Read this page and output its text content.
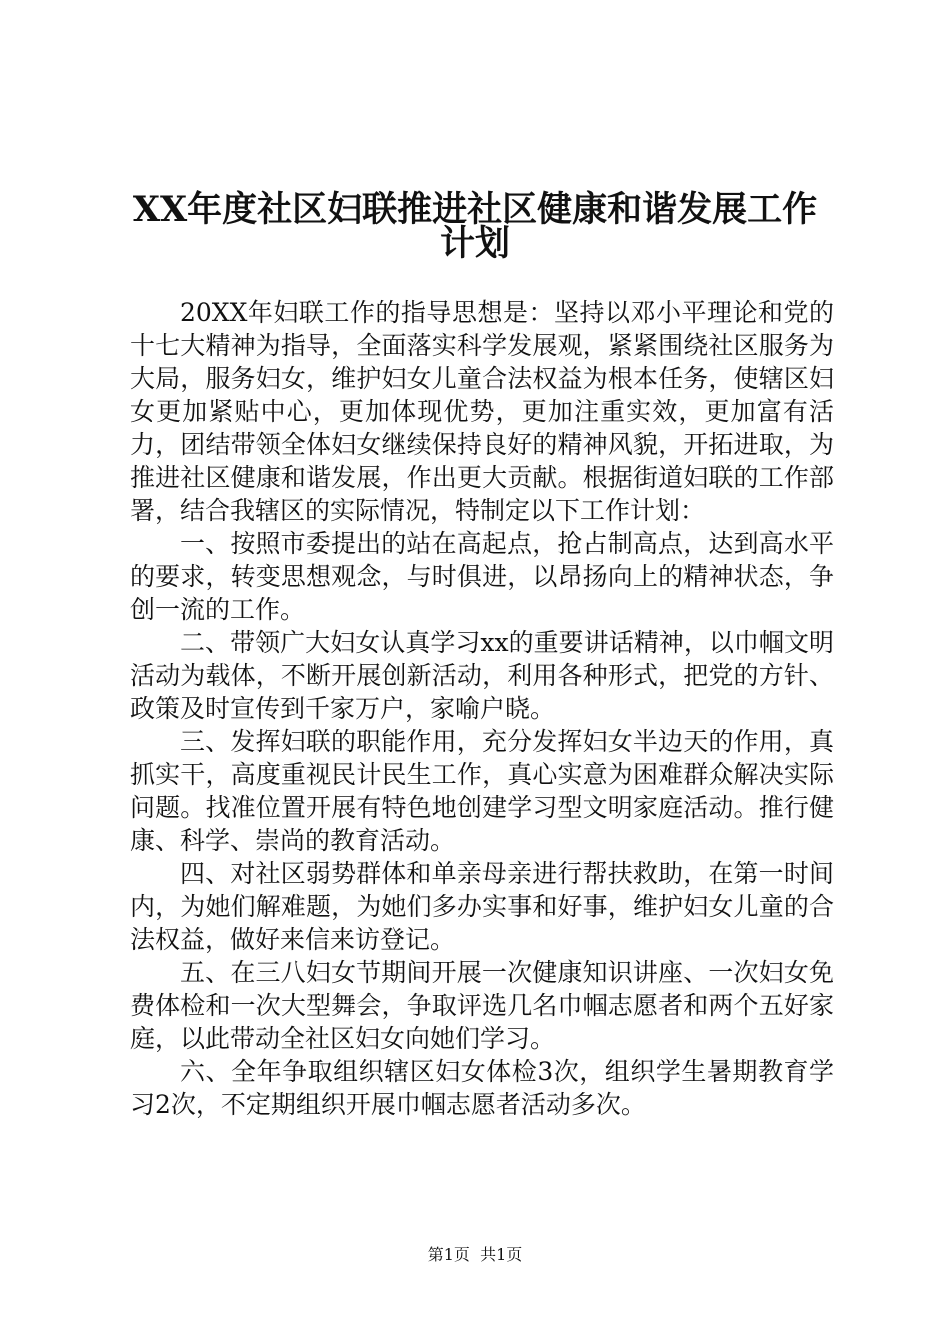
XX年度社区妇联推进社区健康和谐发展工作
计划

20XX年妇联工作的指导思想是：坚持以邓小平理论和党的十七大精神为指导，全面落实科学发展观，紧紧围绕社区服务为大局，服务妇女，维护妇女儿童合法权益为根本任务，使辖区妇女更加紧贴中心，更加体现优势，更加注重实效，更加富有活力，团结带领全体妇女继续保持良好的精神风貌，开拓进取，为推进社区健康和谐发展，作出更大贡献。根据街道妇联的工作部署，结合我辖区的实际情况，特制定以下工作计划：

一、按照市委提出的站在高起点，抢占制高点，达到高水平的要求，转变思想观念，与时俱进，以昂扬向上的精神状态，争创一流的工作。

二、带领广大妇女认真学习xx的重要讲话精神，以巾帼文明活动为载体，不断开展创新活动，利用各种形式，把党的方针、政策及时宣传到千家万户，家喻户晓。

三、发挥妇联的职能作用，充分发挥妇女半边天的作用，真抓实干，高度重视民计民生工作，真心实意为困难群众解决实际问题。找准位置开展有特色地创建学习型文明家庭活动。推行健康、科学、崇尚的教育活动。

四、对社区弱势群体和单亲母亲进行帮扶救助，在第一时间内，为她们解难题，为她们多办实事和好事，维护妇女儿童的合法权益，做好来信来访登记。

五、在三八妇女节期间开展一次健康知识讲座、一次妇女免费体检和一次大型舞会，争取评选几名巾帼志愿者和两个五好家庭，以此带动全社区妇女向她们学习。

六、全年争取组织辖区妇女体检3次，组织学生暑期教育学习2次，不定期组织开展巾帼志愿者活动多次。

第1页  共1页
